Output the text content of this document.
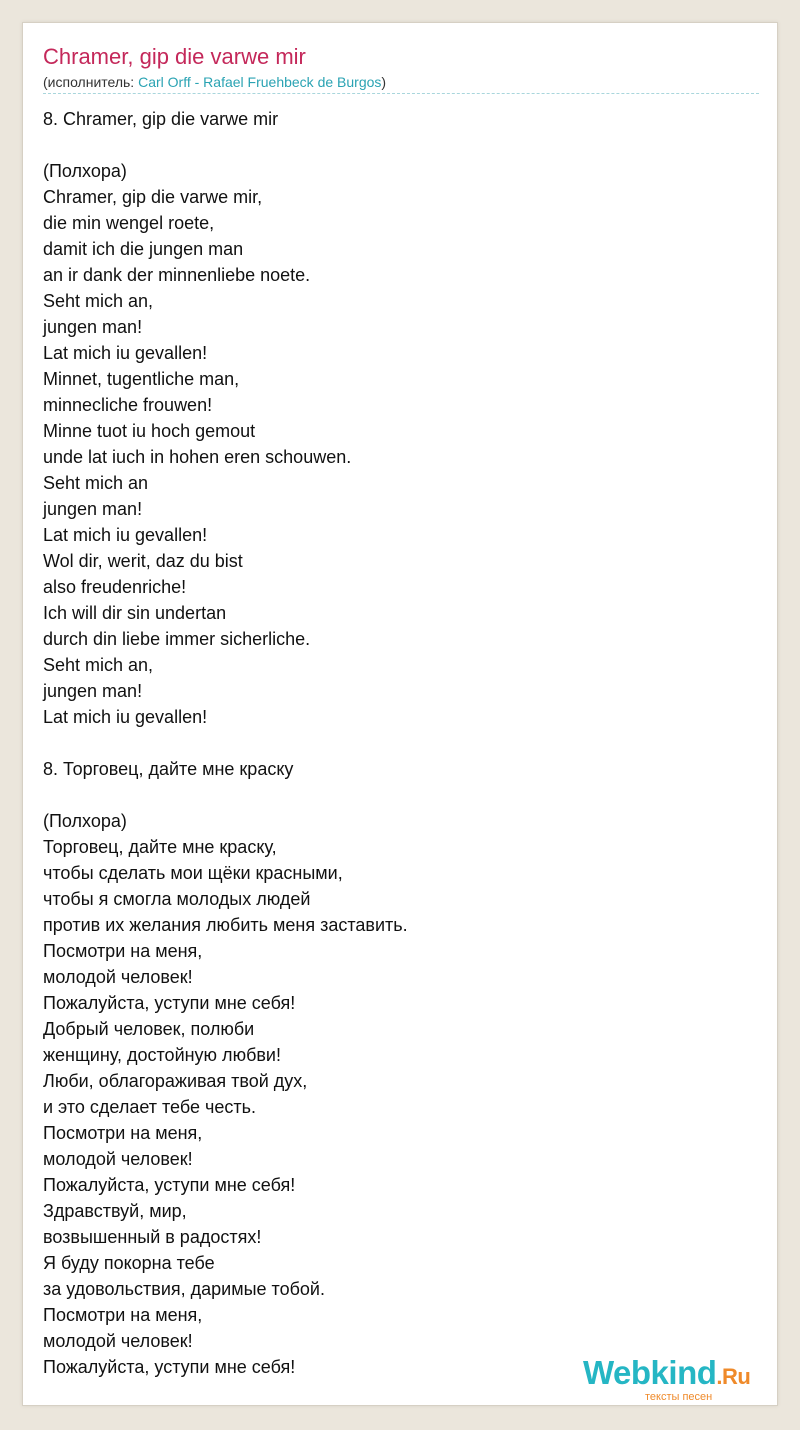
Chramer, gip die varwe mir
(исполнитель: Carl Orff - Rafael Fruehbeck de Burgos)
8. Chramer, gip die varwe mir
(Полхора)
Chramer, gip die varwe mir,
die min wengel roete,
damit ich die jungen man
an ir dank der minnenliebe noete.
Seht mich an,
jungen man!
Lat mich iu gevallen!
Minnet, tugentliche man,
minnecliche frouwen!
Minne tuot iu hoch gemout
unde lat iuch in hohen eren schouwen.
Seht mich an
jungen man!
Lat mich iu gevallen!
Wol dir, werit, daz du bist
also freudenriche!
Ich will dir sin undertan
durch din liebe immer sicherliche.
Seht mich an,
jungen man!
Lat mich iu gevallen!
8. Торговец, дайте мне краску
(Полхора)
Торговец, дайте мне краску,
чтобы сделать мои щёки красными,
чтобы я смогла молодых людей
против их желания любить меня заставить.
Посмотри на меня,
молодой человек!
Пожалуйста, уступи мне себя!
Добрый человек, полюби
женщину, достойную любви!
Люби, облагораживая твой дух,
и это сделает тебе честь.
Посмотри на меня,
молодой человек!
Пожалуйста, уступи мне себя!
Здравствуй, мир,
возвышенный в радостях!
Я буду покорна тебе
за удовольствия, даримые тобой.
Посмотри на меня,
молодой человек!
Пожалуйста, уступи мне себя!	Webkind.Ru
тексты песен
